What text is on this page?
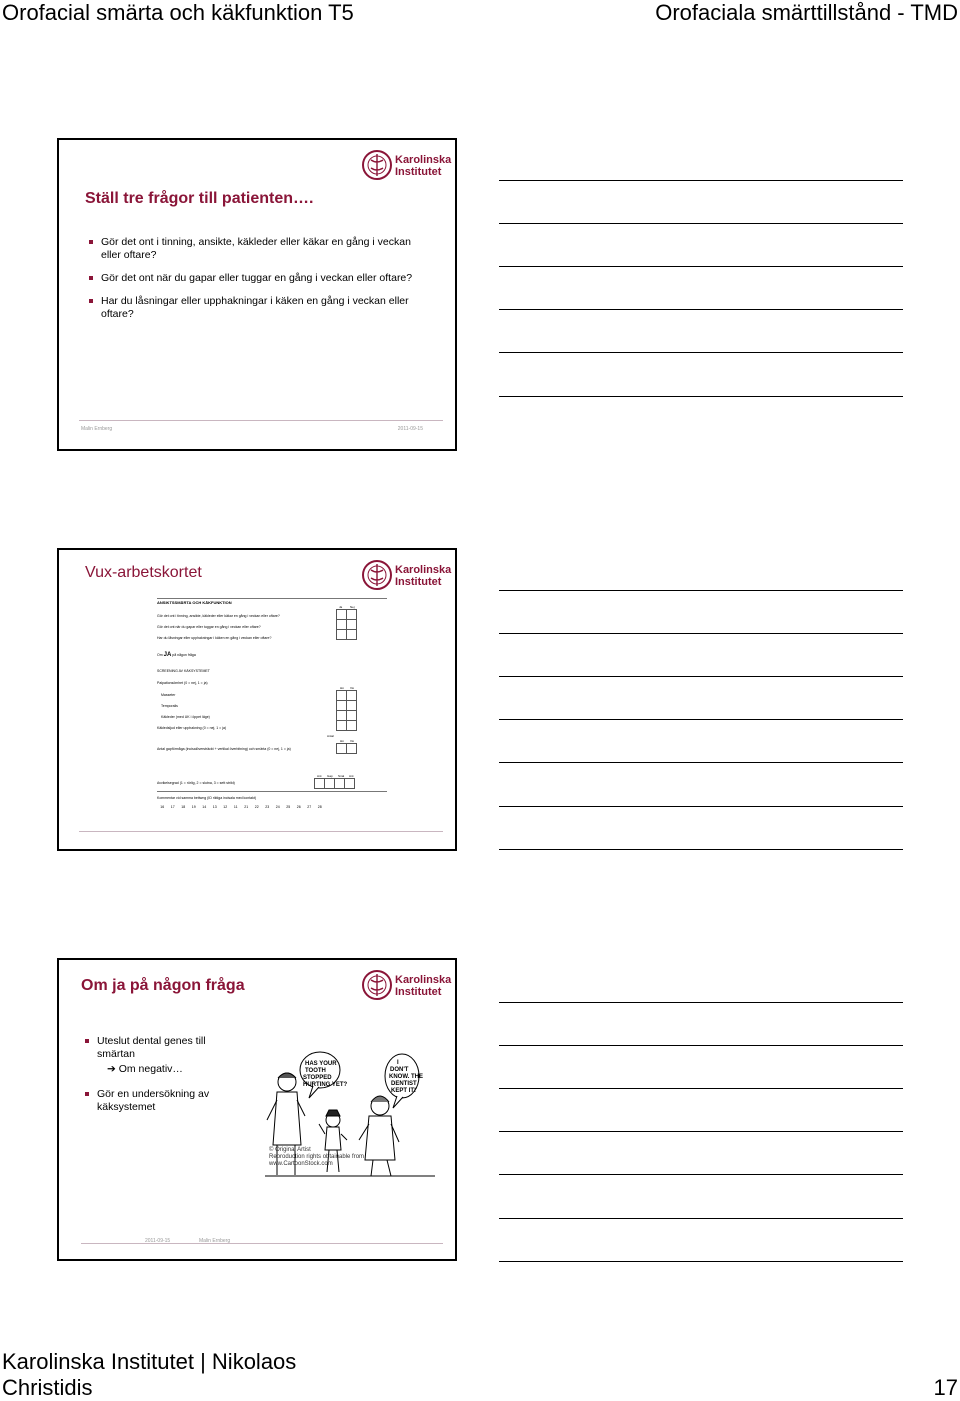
Orofacial smärta och käkfunktion T5	Orofaciala smärttillstånd - TMD
Karolinska
Institutet
Ställ tre frågor till patienten….
Gör det ont i tinning, ansikte, käkleder eller käkar en gång i veckan eller oftare?
Gör det ont när du gapar eller tuggar en gång i veckan eller oftare?
Har du låsningar eller upphakningar i käken en gång i veckan eller oftare?
Malin Ernberg	2011-09-15
Karolinska
Institutet
Vux-arbetskortet
ANSIKTSSMÄRTA OCH KÄKFUNKTION
Ja	Nej
Gör det ont i tinning, ansikte, käkleder eller käkar en gång i veckan eller oftare?
Gör det ont när du gapar eller tuggar en gång i veckan eller oftare?
Har du låsningar eller upphakningar i käken en gång i veckan eller oftare?

Om JA på någon fråga
SCREENING AV KÄKSYSTEMET
Palpationsömhet (0 = nej, 1 = ja)
Hö Vä
Masseter
Temporalis
Käkleder (med UK i öppet läge)
Käkledsljud eller upphakning (0 = nej, 1 = ja)

Antal
Hö Vä
Antal gapförmåga (incisalöversträckt + vertikal överbitning) och smärta (0 = nej, 1 = ja)

Ant Gap Smä Ant
Avvikelsegrad (1 = rörlig, 2 = slutna, 3 = sett strikt)

Kommentar vid samma bettwng (ID riktiga incisala med kontakt)
16 17 18 19 14 13 12 11 21 22 23 24 25 26 27 28
Karolinska
Institutet
Om ja på någon fråga
Uteslut dental genes till smärtan
➔ Om negativ…
Gör en undersökning av käksystemet
HAS YOUR TOOTH STOPPED HURTING YET?
I DON'T KNOW. THE DENTIST KEPT IT!
© Original Artist
Reproduction rights obtainable from
www.CartoonStock.com
2011-09-15	Malin Ernberg
Karolinska Institutet | Nikolaos
Christidis	17
